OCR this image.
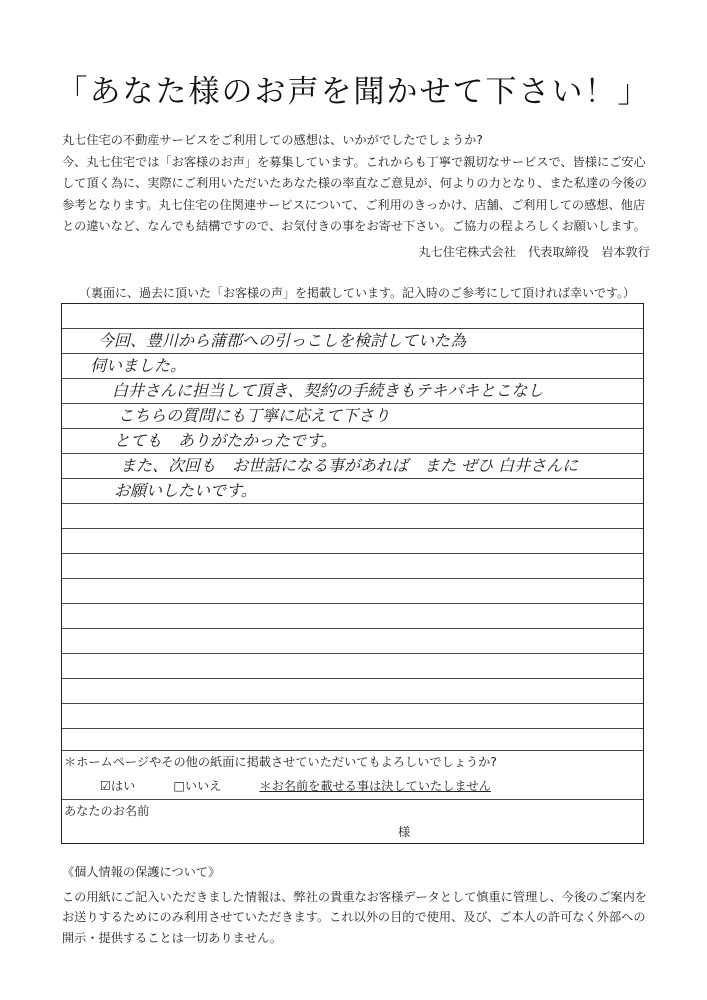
「あなた様のお声を聞かせて下さい！」

丸七住宅の不動産サービスをご利用しての感想は、いかがでしたでしょうか?

今、丸七住宅では「お客様のお声」を募集しています。これからも丁寧で親切なサービスで、皆様にご安心

して頂く為に、実際にご利用いただいたあなた様の率直なご意見が、何よりの力となり、また私達の今後の

参考となります。丸七住宅の住関連サービスについて、ご利用のきっかけ、店舗、ご利用しての感想、他店

との違いなど、なんでも結構ですので、お気付きの事をお寄せ下さい。ご協力の程よろしくお願いします。

丸七住宅株式会社　代表取締役　岩本敦行
（裏面に、過去に頂いた「お客様の声」を掲載しています。記入時のご参考にして頂ければ幸いです。）
今回、豊川から蒲郡への引っこしを検討していた為
伺いました。
白井さんに担当して頂き、契約の手続きもテキパキとこなし
こちらの質問にも丁寧に応えて下さり
とても　ありがたかったです。
また、次回も　お世話になる事があれば　また ぜひ 白井さんに
お願いしたいです。
＊ホームページやその他の紙面に掲載させていただいてもよろしいでしょうか?
☑はい	□いいえ	＊お名前を載せる事は決していたしません
あなたのお名前
様

《個人情報の保護について》

この用紙にご記入いただきました情報は、弊社の貴重なお客様データとして慎重に管理し、今後のご案内を

お送りするためにのみ利用させていただきます。これ以外の目的で使用、及び、ご本人の許可なく外部への

開示・提供することは一切ありません。
